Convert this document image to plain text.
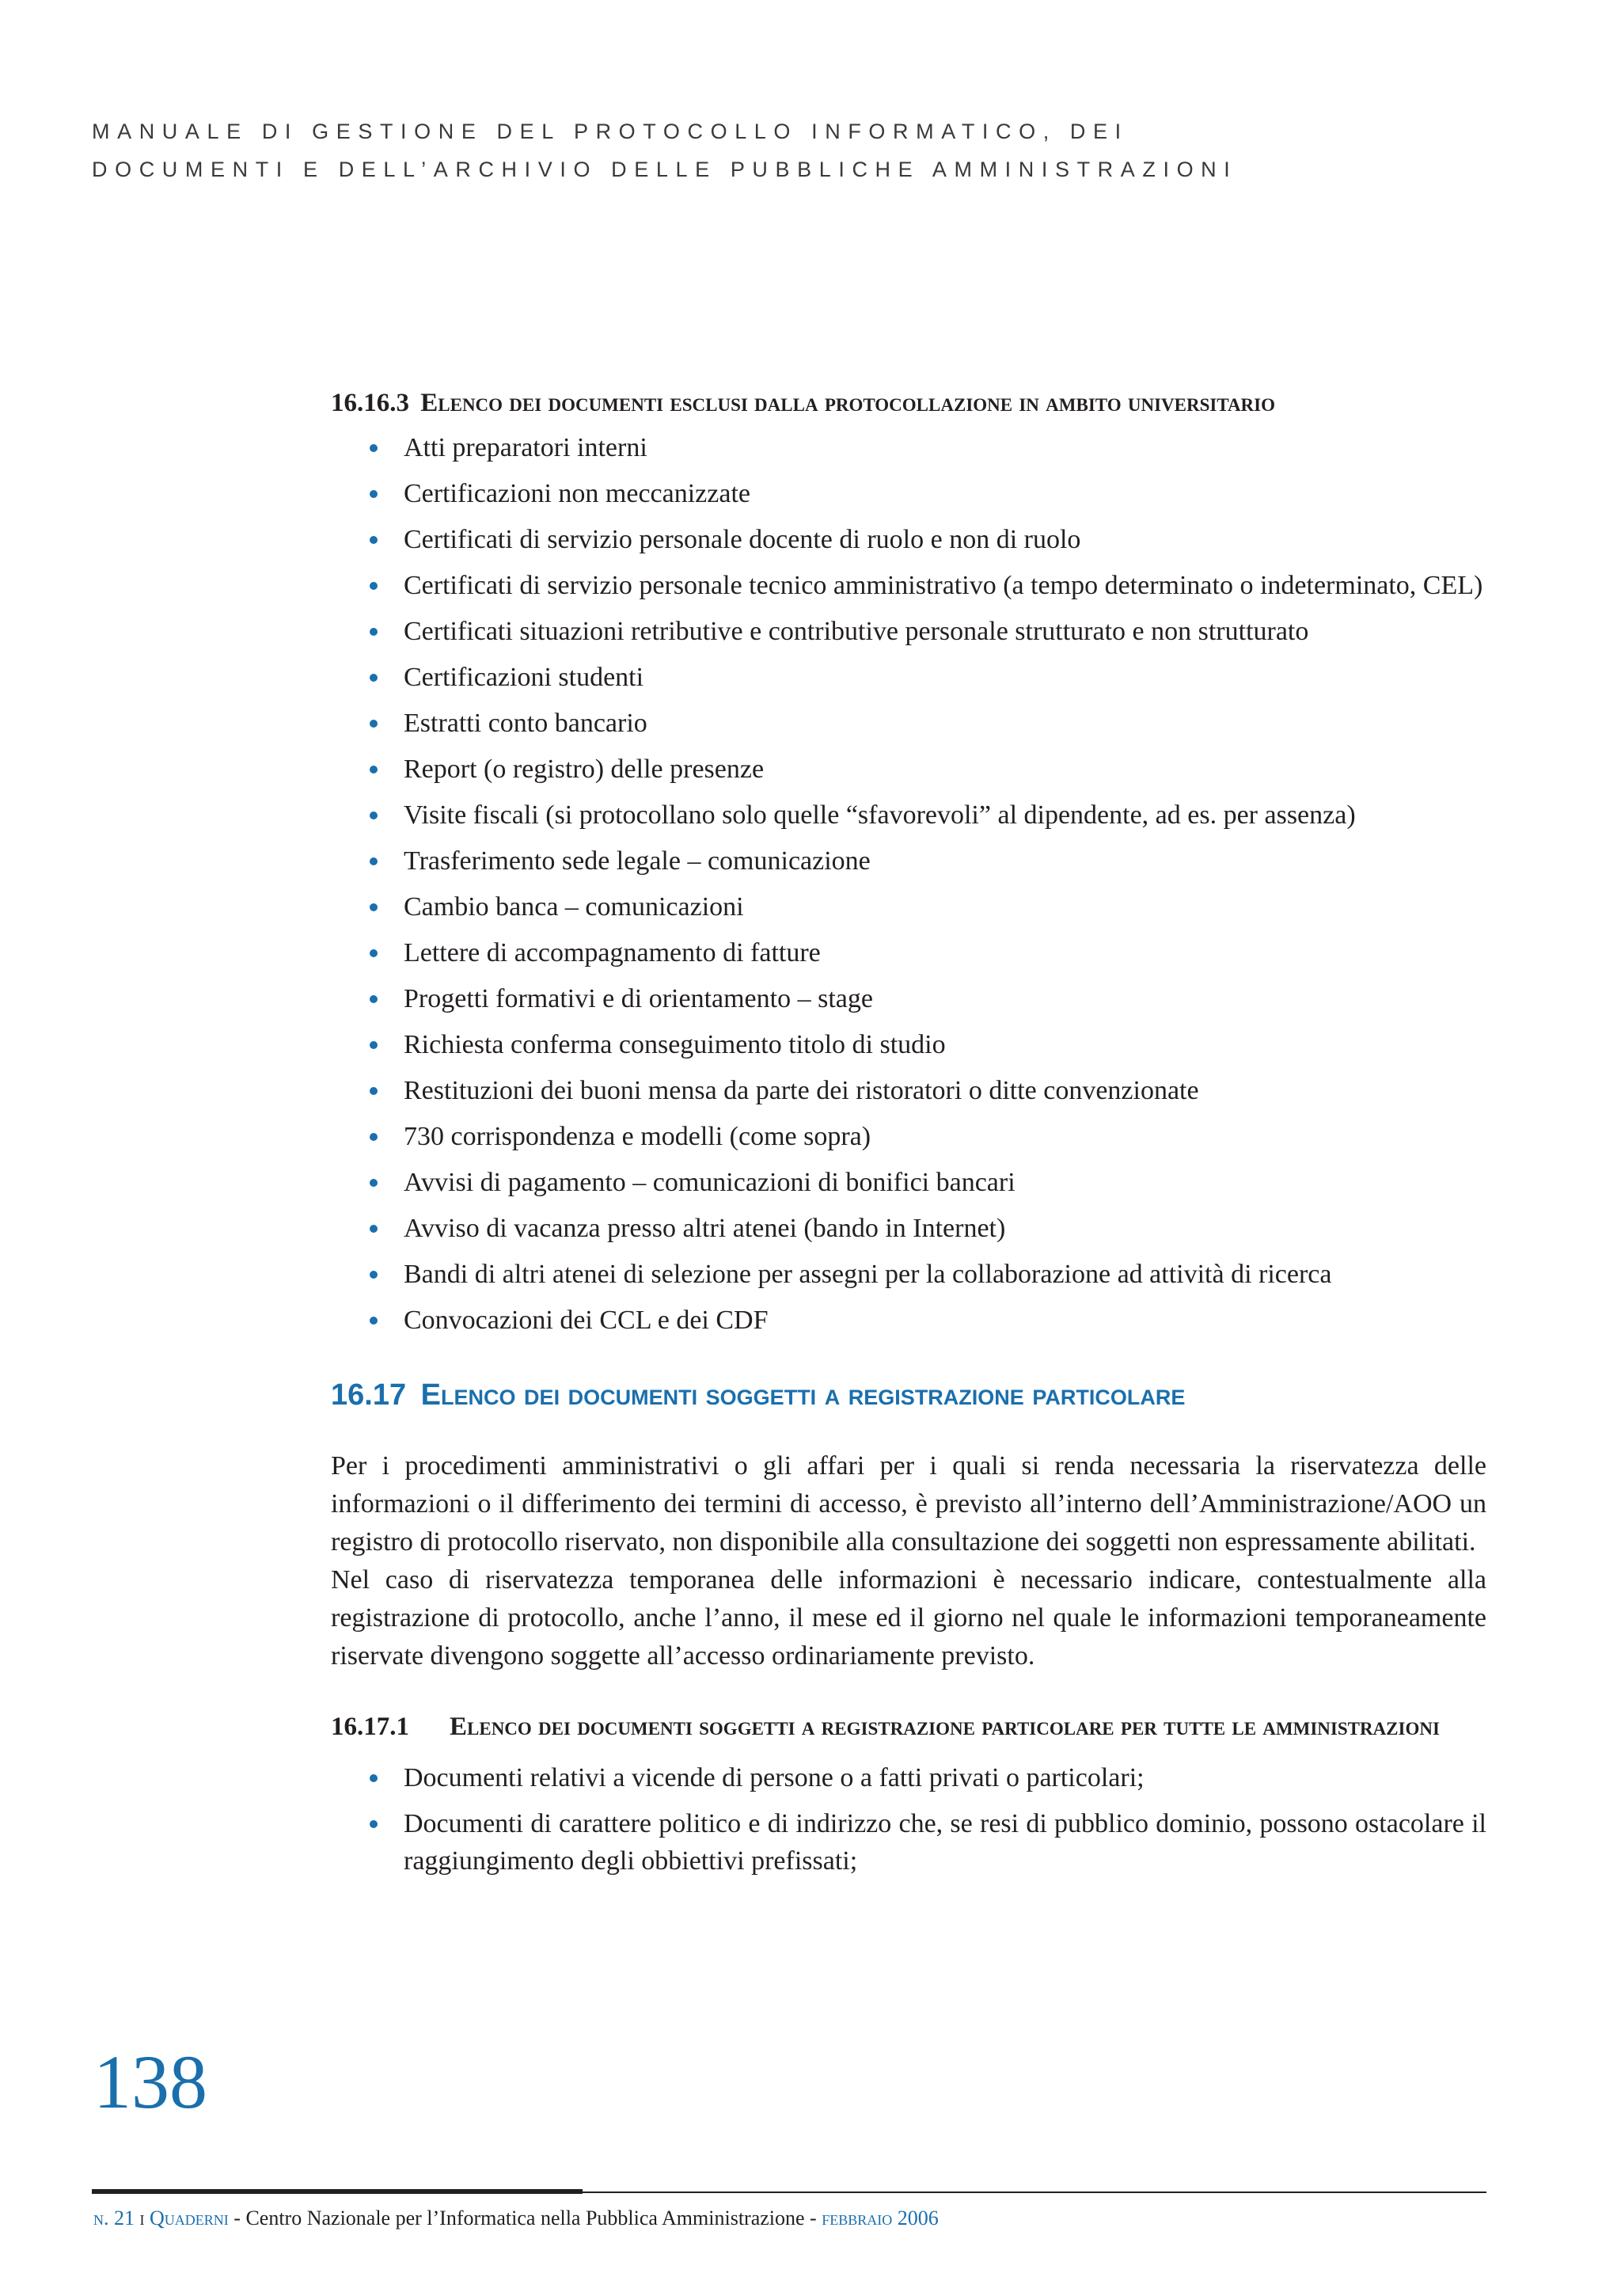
MANUALE DI GESTIONE DEL PROTOCOLLO INFORMATICO, DEI
DOCUMENTI E DELL’ARCHIVIO DELLE PUBBLICHE AMMINISTRAZIONI
16.16.3 Elenco dei documenti esclusi dalla protocollazione in ambito universitario
Atti preparatori interni
Certificazioni non meccanizzate
Certificati di servizio personale docente di ruolo e non di ruolo
Certificati di servizio personale tecnico amministrativo (a tempo determinato o indeterminato, CEL)
Certificati situazioni retributive e contributive personale strutturato e non strutturato
Certificazioni studenti
Estratti conto bancario
Report (o registro) delle presenze
Visite fiscali (si protocollano solo quelle “sfavorevoli” al dipendente, ad es. per assenza)
Trasferimento sede legale – comunicazione
Cambio banca – comunicazioni
Lettere di accompagnamento di fatture
Progetti formativi e di orientamento – stage
Richiesta conferma conseguimento titolo di studio
Restituzioni dei buoni mensa da parte dei ristoratori o ditte convenzionate
730 corrispondenza e modelli (come sopra)
Avvisi di pagamento – comunicazioni di bonifici bancari
Avviso di vacanza presso altri atenei (bando in Internet)
Bandi di altri atenei di selezione per assegni per la collaborazione ad attività di ricerca
Convocazioni dei CCL e dei CDF
16.17 Elenco dei documenti soggetti a registrazione particolare

Per i procedimenti amministrativi o gli affari per i quali si renda necessaria la riservatezza delle informazioni o il differimento dei termini di accesso, è previsto all’interno dell’Amministrazione/AOO un registro di protocollo riservato, non disponibile alla consultazione dei soggetti non espressamente abilitati.

Nel caso di riservatezza temporanea delle informazioni è necessario indicare, contestualmente alla registrazione di protocollo, anche l’anno, il mese ed il giorno nel quale le informazioni temporaneamente riservate divengono soggette all’accesso ordinariamente previsto.

16.17.1 Elenco dei documenti soggetti a registrazione particolare per tutte le amministrazioni
Documenti relativi a vicende di persone o a fatti privati o particolari;
Documenti di carattere politico e di indirizzo che, se resi di pubblico dominio, possono ostacolare il raggiungimento degli obbiettivi prefissati;
138
n. 21 i Quaderni - Centro Nazionale per l’Informatica nella Pubblica Amministrazione - febbraio 2006
